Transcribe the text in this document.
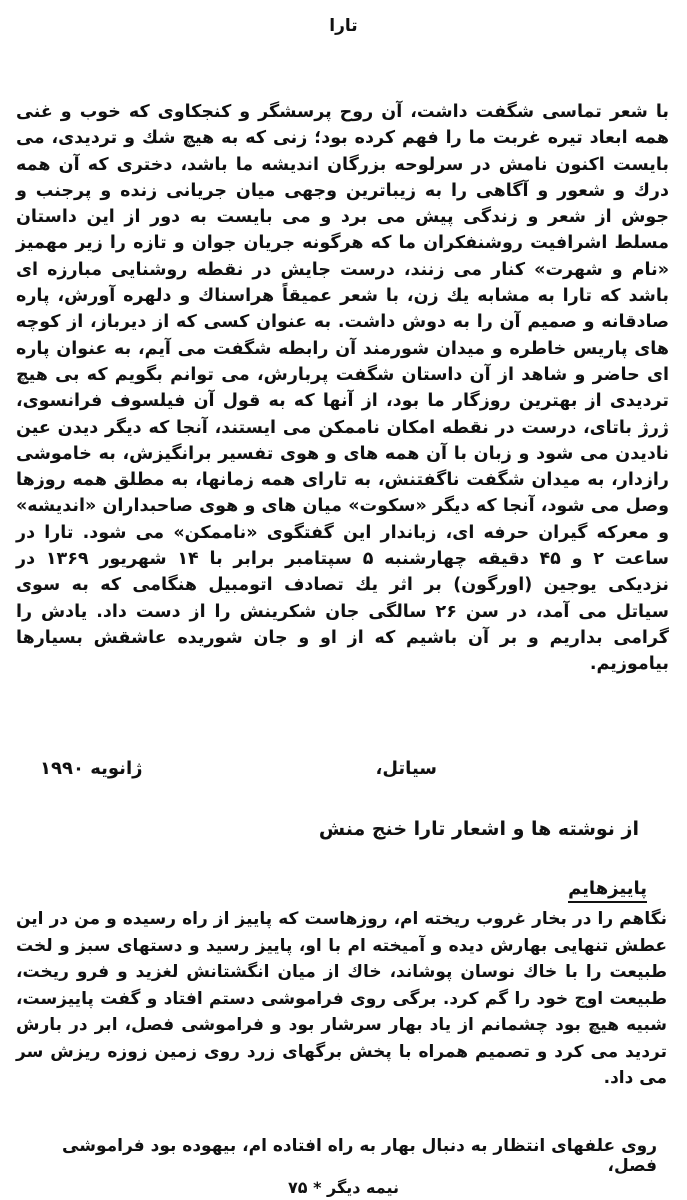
تارا

با شعر تماسی شگفت داشت، آن روح پرسشگر و کنجکاوی که خوب و غنی همه ابعاد تیره غربت ما را فهم کرده بود؛ زنی که به هیچ شك و تردیدی، می بایست اکنون نامش در سرلوحه بزرگان اندیشه ما باشد، دختری که آن همه درك و شعور و آگاهی را به زیباترین وجهی میان جریانی زنده و پرجنب و جوش از شعر و زندگی پیش می برد و می بایست به دور از این داستان مسلط اشرافیت روشنفکران ما که هرگونه جریان جوان و تازه را زیر مهمیز «نام و شهرت» کنار می زنند، درست جایش در نقطه روشنایی مبارزه ای باشد که تارا به مشابه یك زن، با شعر عمیقاً هراسناك و دلهره آورش، پاره صادقانه و صمیم آن را به دوش داشت. به عنوان کسی که از دیرباز، از کوچه های پاریس خاطره و میدان شورمند آن رابطه شگفت می آیم، به عنوان پاره ای حاضر و شاهد از آن داستان شگفت پربارش، می توانم بگویم که بی هیچ تردیدی از بهترین روزگار ما بود، از آنها که به قول آن فیلسوف فرانسوی، ژرژ باتای، درست در نقطه امکان ناممکن می ایستند، آنجا که دیگر دیدن عین نادیدن می شود و زبان با آن همه های و هوی تفسیر برانگیزش، به خاموشی رازدار، به میدان شگفت ناگفتنش، به تارای همه زمانها، به مطلق همه روزها وصل می شود، آنجا که دیگر «سکوت» میان های و هوی صاحبداران «اندیشه» و معرکه گیران حرفه ای، زباندار این گفتگوی «ناممکن» می شود. تارا در ساعت ۲ و ۴۵ دقیقه چهارشنبه ۵ سپتامبر برابر با ۱۴ شهریور ۱۳۶۹ در نزدیکی یوجین (اورگون) بر اثر یك تصادف اتومبیل هنگامی که به سوی سیاتل می آمد، در سن ۲۶ سالگی جان شکرینش را از دست داد. یادش را گرامی بداریم و بر آن باشیم که از او و جان شوریده عاشقش بسیارها بیاموزیم.

سیاتل،
ژانویه ۱۹۹۰
از نوشته ها و اشعار تارا خنج منش
پاییزهایم

نگاهم را در بخار غروب ریخته ام، روزهاست که پاییز از راه رسیده و من در این عطش تنهایی بهارش دیده و آمیخته ام با او، پاییز رسید و دستهای سبز و لخت طبیعت را با خاك نوسان پوشاند، خاك از میان انگشتانش لغزید و فرو ریخت، طبیعت اوج خود را گم کرد. برگی روی فراموشی دستم افتاد و گفت پاییزست، شبیه هیچ بود چشمانم از یاد بهار سرشار بود و فراموشی فصل، ابر در بارش تردید می کرد و تصمیم همراه با پخش برگهای زرد روی زمین زوزه ریزش سر می داد.

روی علفهای انتظار به دنبال بهار به راه افتاده ام، بیهوده بود فراموشی فصل،
نیمه دیگر * ۷۵
